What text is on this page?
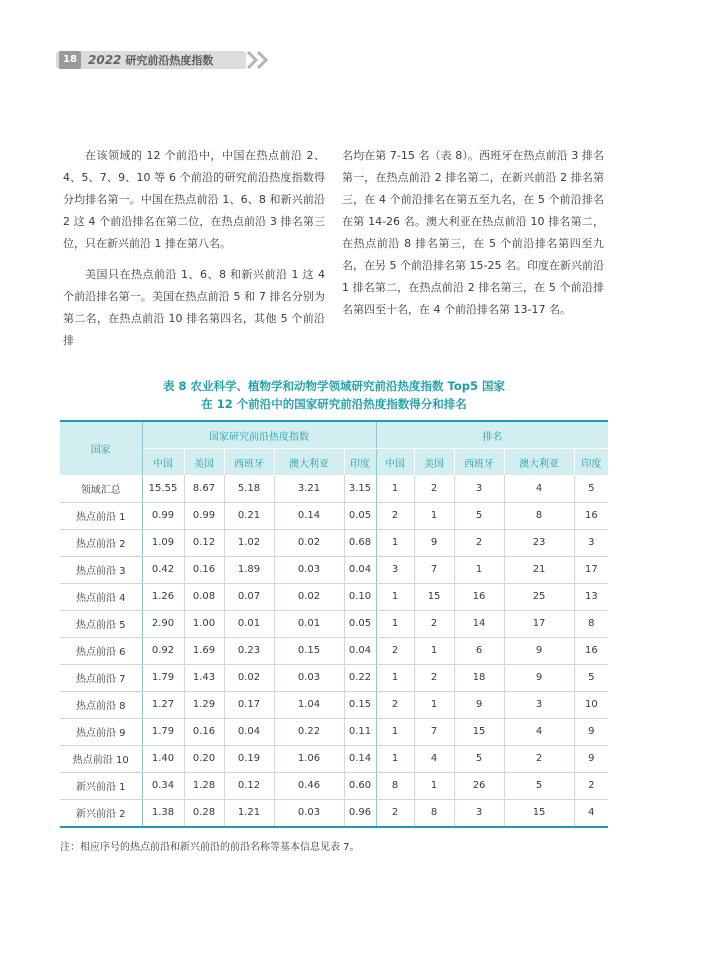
18 2022 研究前沿热度指数

在该领域的 12 个前沿中，中国在热点前沿 2、4、5、7、9、10 等 6 个前沿的研究前沿热度指数得分均排名第一。中国在热点前沿 1、6、8 和新兴前沿 2 这 4 个前沿排名在第二位，在热点前沿 3 排名第三位，只在新兴前沿 1 排在第八名。

美国只在热点前沿 1、6、8 和新兴前沿 1 这 4 个前沿排名第一。美国在热点前沿 5 和 7 排名分别为第二名，在热点前沿 10 排名第四名，其他 5 个前沿排

名均在第 7-15 名（表 8）。西班牙在热点前沿 3 排名第一，在热点前沿 2 排名第二，在新兴前沿 2 排名第三，在 4 个前沿排名在第五至九名，在 5 个前沿排名在第 14-26 名。澳大利亚在热点前沿 10 排名第二，在热点前沿 8 排名第三，在 5 个前沿排名第四至九名，在另 5 个前沿排名第 15-25 名。印度在新兴前沿 1 排名第二，在热点前沿 2 排名第三，在 5 个前沿排名第四至十名，在 4 个前沿排名第 13-17 名。

表 8 农业科学、植物学和动物学领域研究前沿热度指数 Top5 国家
在 12 个前沿中的国家研究前沿热度指数得分和排名
国家	国家研究前沿热度指数					排名				
	中国	美国	西班牙	澳大利亚	印度	中国	美国	西班牙	澳大利亚	印度
领域汇总	15.55	8.67	5.18	3.21	3.15	1	2	3	4	5
热点前沿 1	0.99	0.99	0.21	0.14	0.05	2	1	5	8	16
热点前沿 2	1.09	0.12	1.02	0.02	0.68	1	9	2	23	3
热点前沿 3	0.42	0.16	1.89	0.03	0.04	3	7	1	21	17
热点前沿 4	1.26	0.08	0.07	0.02	0.10	1	15	16	25	13
热点前沿 5	2.90	1.00	0.01	0.01	0.05	1	2	14	17	8
热点前沿 6	0.92	1.69	0.23	0.15	0.04	2	1	6	9	16
热点前沿 7	1.79	1.43	0.02	0.03	0.22	1	2	18	9	5
热点前沿 8	1.27	1.29	0.17	1.04	0.15	2	1	9	3	10
热点前沿 9	1.79	0.16	0.04	0.22	0.11	1	7	15	4	9
热点前沿 10	1.40	0.20	0.19	1.06	0.14	1	4	5	2	9
新兴前沿 1	0.34	1.28	0.12	0.46	0.60	8	1	26	5	2
新兴前沿 2	1.38	0.28	1.21	0.03	0.96	2	8	3	15	4
注：相应序号的热点前沿和新兴前沿的前沿名称等基本信息见表 7。
